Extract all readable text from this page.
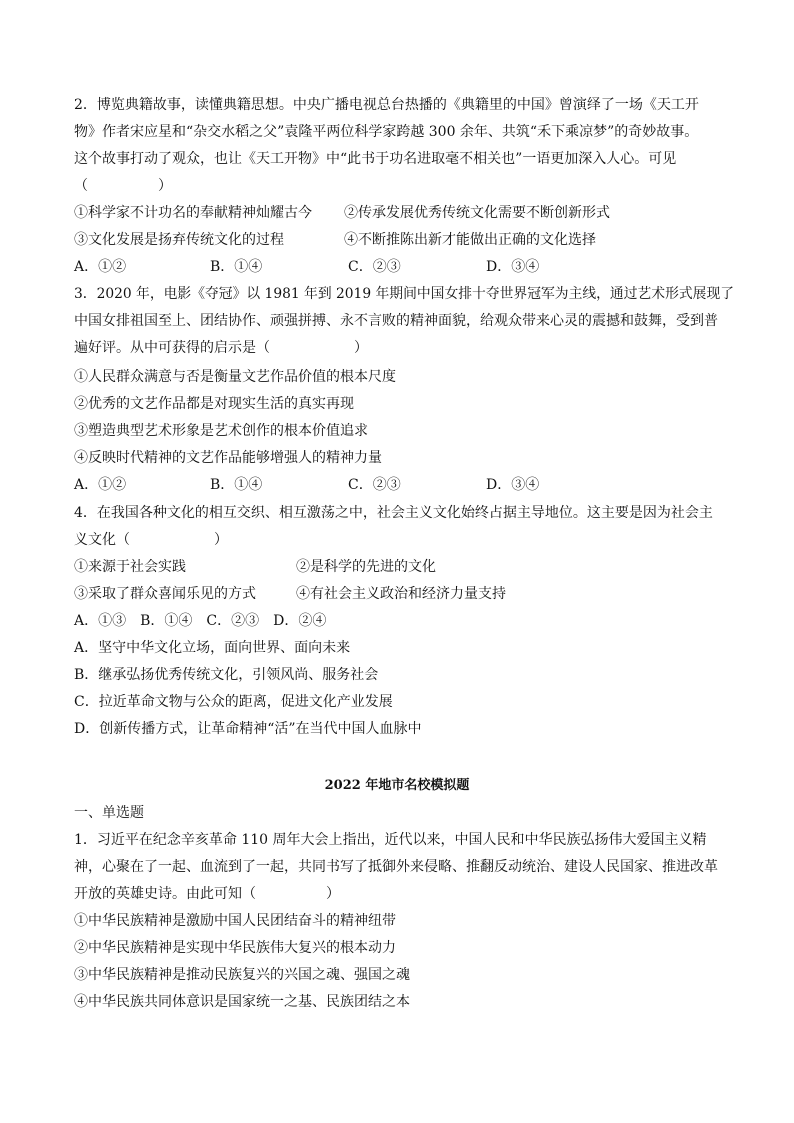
2．博览典籍故事，读懂典籍思想。中央广播电视总台热播的《典籍里的中国》曾演绎了一场《天工开
物》作者宋应星和“杂交水稻之父”袁隆平两位科学家跨越 300 余年、共筑“禾下乘凉梦”的奇妙故事。
这个故事打动了观众，也让《天工开物》中“此书于功名进取毫不相关也”一语更加深入人心。可见
（　　　　　）
①科学家不计功名的奉献精神灿耀古今 ②传承发展优秀传统文化需要不断创新形式
③文化发展是扬弃传统文化的过程	④不断推陈出新才能做出正确的文化选择
A．①②	B．①④	C．②③	D．③④
3．2020 年，电影《夺冠》以 1981 年到 2019 年期间中国女排十夺世界冠军为主线，通过艺术形式展现了
中国女排祖国至上、团结协作、顽强拼搏、永不言败的精神面貌，给观众带来心灵的震撼和鼓舞，受到普
遍好评。从中可获得的启示是（　　　　　　）
①人民群众满意与否是衡量文艺作品价值的根本尺度
②优秀的文艺作品都是对现实生活的真实再现
③塑造典型艺术形象是艺术创作的根本价值追求
④反映时代精神的文艺作品能够增强人的精神力量
A．①②	B．①④	C．②③	D．③④
4．在我国各种文化的相互交织、相互激荡之中，社会主义文化始终占据主导地位。这主要是因为社会主
义文化（　　　　　　）
①来源于社会实践	②是科学的先进的文化
③采取了群众喜闻乐见的方式	④有社会主义政治和经济力量支持
A．①③　B．①④　C．②③　D．②④
A．坚守中华文化立场，面向世界、面向未来
B．继承弘扬优秀传统文化，引领风尚、服务社会
C．拉近革命文物与公众的距离，促进文化产业发展
D．创新传播方式，让革命精神“活”在当代中国人血脉中
2022 年地市名校模拟题
一、单选题
1．习近平在纪念辛亥革命 110 周年大会上指出，近代以来，中国人民和中华民族弘扬伟大爱国主义精
神，心聚在了一起、血流到了一起，共同书写了抵御外来侵略、推翻反动统治、建设人民国家、推进改革
开放的英雄史诗。由此可知（　　　　　）
①中华民族精神是激励中国人民团结奋斗的精神纽带
②中华民族精神是实现中华民族伟大复兴的根本动力
③中华民族精神是推动民族复兴的兴国之魂、强国之魂
④中华民族共同体意识是国家统一之基、民族团结之本
